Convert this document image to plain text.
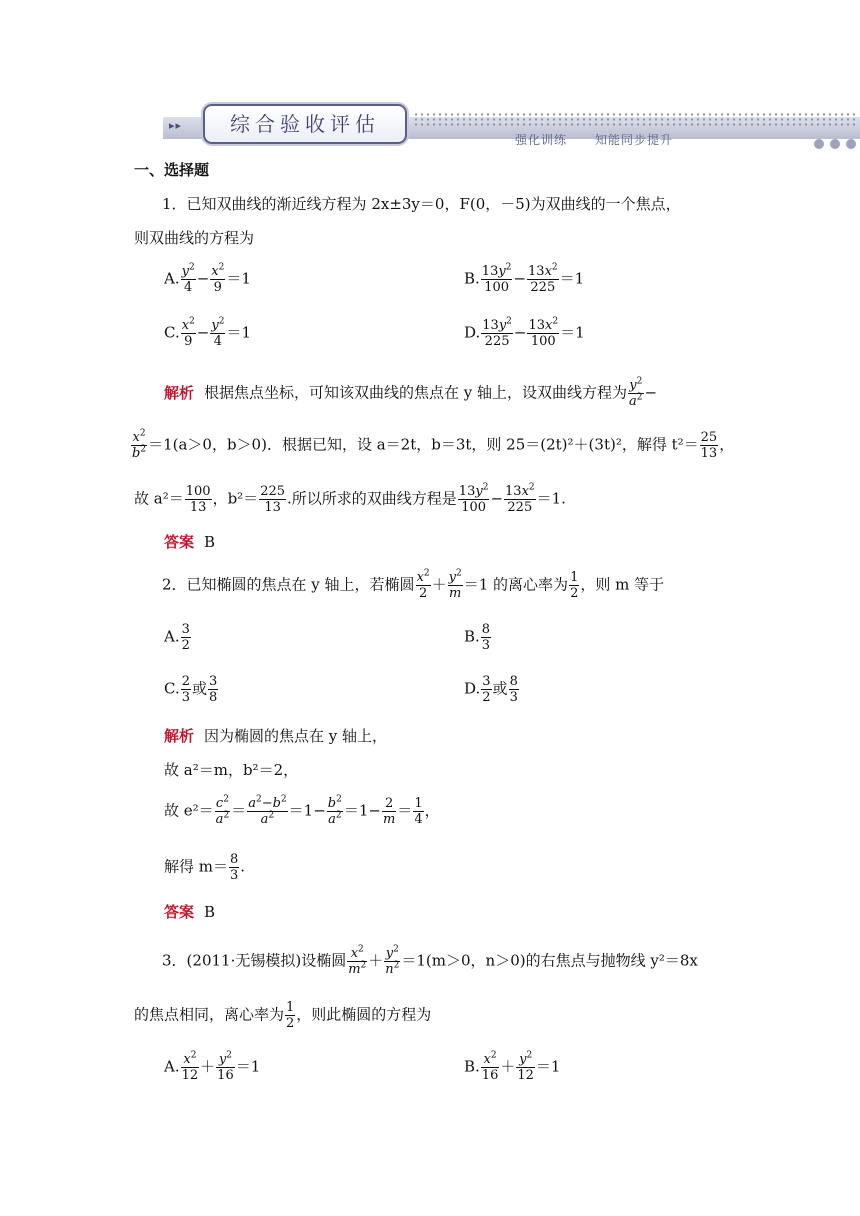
▸▸	综合验收评估
强化训练 知能同步提升
一、选择题
1．已知双曲线的渐近线方程为 2x±3y＝0，F(0，－5)为双曲线的一个焦点，
则双曲线的方程为
A. $\frac{y^2}{4} - \frac{x^2}{9} =1$	B. $\frac{13y^2}{100} - \frac{13x^2}{225} =1$
C. $\frac{x^2}{9} - \frac{y^2}{4} =1$	D. $\frac{13y^2}{225} - \frac{13x^2}{100} =1$
解析 根据焦点坐标，可知该双曲线的焦点在 y 轴上，设双曲线方程为 $\frac{y^2}{a^2}$ −
$\frac{x^2}{b^2} =1(a>0$，b＞0)．根据已知，设 a＝2t，b＝3t，则 25＝(2t)²＋(3t)²，解得 $t^2= \frac{25}{13}$ ，
故 $a^2= \frac{100}{13}$ ，$b^2= \frac{225}{13}$ .所以所求的双曲线方程是 $\frac{13y^2}{100} - \frac{13x^2}{225} =1$.
答案 B
2．已知椭圆的焦点在 y 轴上，若椭圆 $\frac{x^2}{2} + \frac{y^2}{m} =1$ 的离心率为 $\frac{1}{2}$ ，则 m 等于
A. $\frac{3}{2}$	B. $\frac{8}{3}$
C. $\frac{2}{3}$ 或 $\frac{3}{8}$	D. $\frac{3}{2}$ 或 $\frac{8}{3}$
解析 因为椭圆的焦点在 y 轴上，
故 a²＝m，b²＝2，
故 $e^2= \frac{c^2}{a^2} = \frac{a^2-b^2}{a^2} =1- \frac{b^2}{a^2} =1- \frac{2}{m} = \frac{1}{4}$ ，
解得 $m= \frac{8}{3}$ .
答案 B
3．(2011·无锡模拟)设椭圆 $\frac{x^2}{m^2} + \frac{y^2}{n^2} =1(m>0$，n＞0)的右焦点与抛物线 y²＝8x
的焦点相同，离心率为 $\frac{1}{2}$ ，则此椭圆的方程为
A. $\frac{x^2}{12} + \frac{y^2}{16} =1$	B. $\frac{x^2}{16} + \frac{y^2}{12} =1$
